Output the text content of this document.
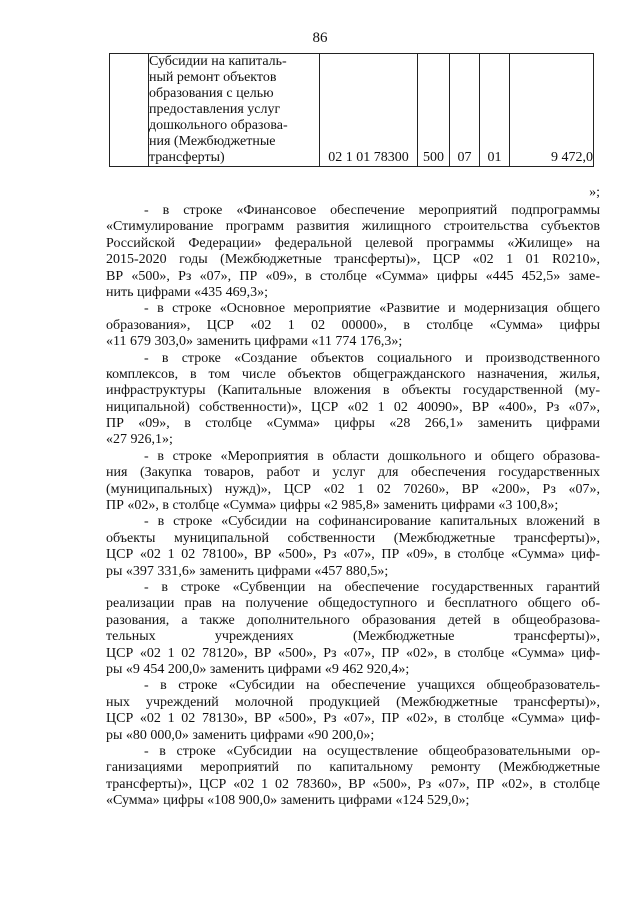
86

Субсидии на капиталь-
ный ремонт объектов
образования с целью
предоставления услуг
дошкольного образова-
ния (Межбюджетные
трансферты)	02 1 01 78300	500	07	01	9 472,0
»;
- в строке «Финансовое обеспечение мероприятий подпрограммы
«Стимулирование программ развития жилищного строительства субъектов
Российской Федерации» федеральной целевой программы «Жилище» на
2015-2020 годы (Межбюджетные трансферты)», ЦСР «02 1 01 R0210»,
ВР «500», Рз «07», ПР «09», в столбце «Сумма» цифры «445 452,5» заме-
нить цифрами «435 469,3»;
- в строке «Основное мероприятие «Развитие и модернизация общего
образования», ЦСР «02 1 02 00000», в столбце «Сумма» цифры
«11 679 303,0» заменить цифрами «11 774 176,3»;
- в строке «Создание объектов социального и производственного
комплексов, в том числе объектов общегражданского назначения, жилья,
инфраструктуры (Капитальные вложения в объекты государственной (му-
ниципальной) собственности)», ЦСР «02 1 02 40090», ВР «400», Рз «07»,
ПР «09», в столбце «Сумма» цифры «28 266,1» заменить цифрами
«27 926,1»;
- в строке «Мероприятия в области дошкольного и общего образова-
ния (Закупка товаров, работ и услуг для обеспечения государственных
(муниципальных) нужд)», ЦСР «02 1 02 70260», ВР «200», Рз «07»,
ПР «02», в столбце «Сумма» цифры «2 985,8» заменить цифрами «3 100,8»;
- в строке «Субсидии на софинансирование капитальных вложений в
объекты муниципальной собственности (Межбюджетные трансферты)»,
ЦСР «02 1 02 78100», ВР «500», Рз «07», ПР «09», в столбце «Сумма» циф-
ры «397 331,6» заменить цифрами «457 880,5»;
- в строке «Субвенции на обеспечение государственных гарантий
реализации прав на получение общедоступного и бесплатного общего об-
разования, а также дополнительного образования детей в общеобразова-
тельных учреждениях (Межбюджетные трансферты)»,
ЦСР «02 1 02 78120», ВР «500», Рз «07», ПР «02», в столбце «Сумма» циф-
ры «9 454 200,0» заменить цифрами «9 462 920,4»;
- в строке «Субсидии на обеспечение учащихся общеобразователь-
ных учреждений молочной продукцией (Межбюджетные трансферты)»,
ЦСР «02 1 02 78130», ВР «500», Рз «07», ПР «02», в столбце «Сумма» циф-
ры «80 000,0» заменить цифрами «90 200,0»;
- в строке «Субсидии на осуществление общеобразовательными ор-
ганизациями мероприятий по капитальному ремонту (Межбюджетные
трансферты)», ЦСР «02 1 02 78360», ВР «500», Рз «07», ПР «02», в столбце
«Сумма» цифры «108 900,0» заменить цифрами «124 529,0»;
